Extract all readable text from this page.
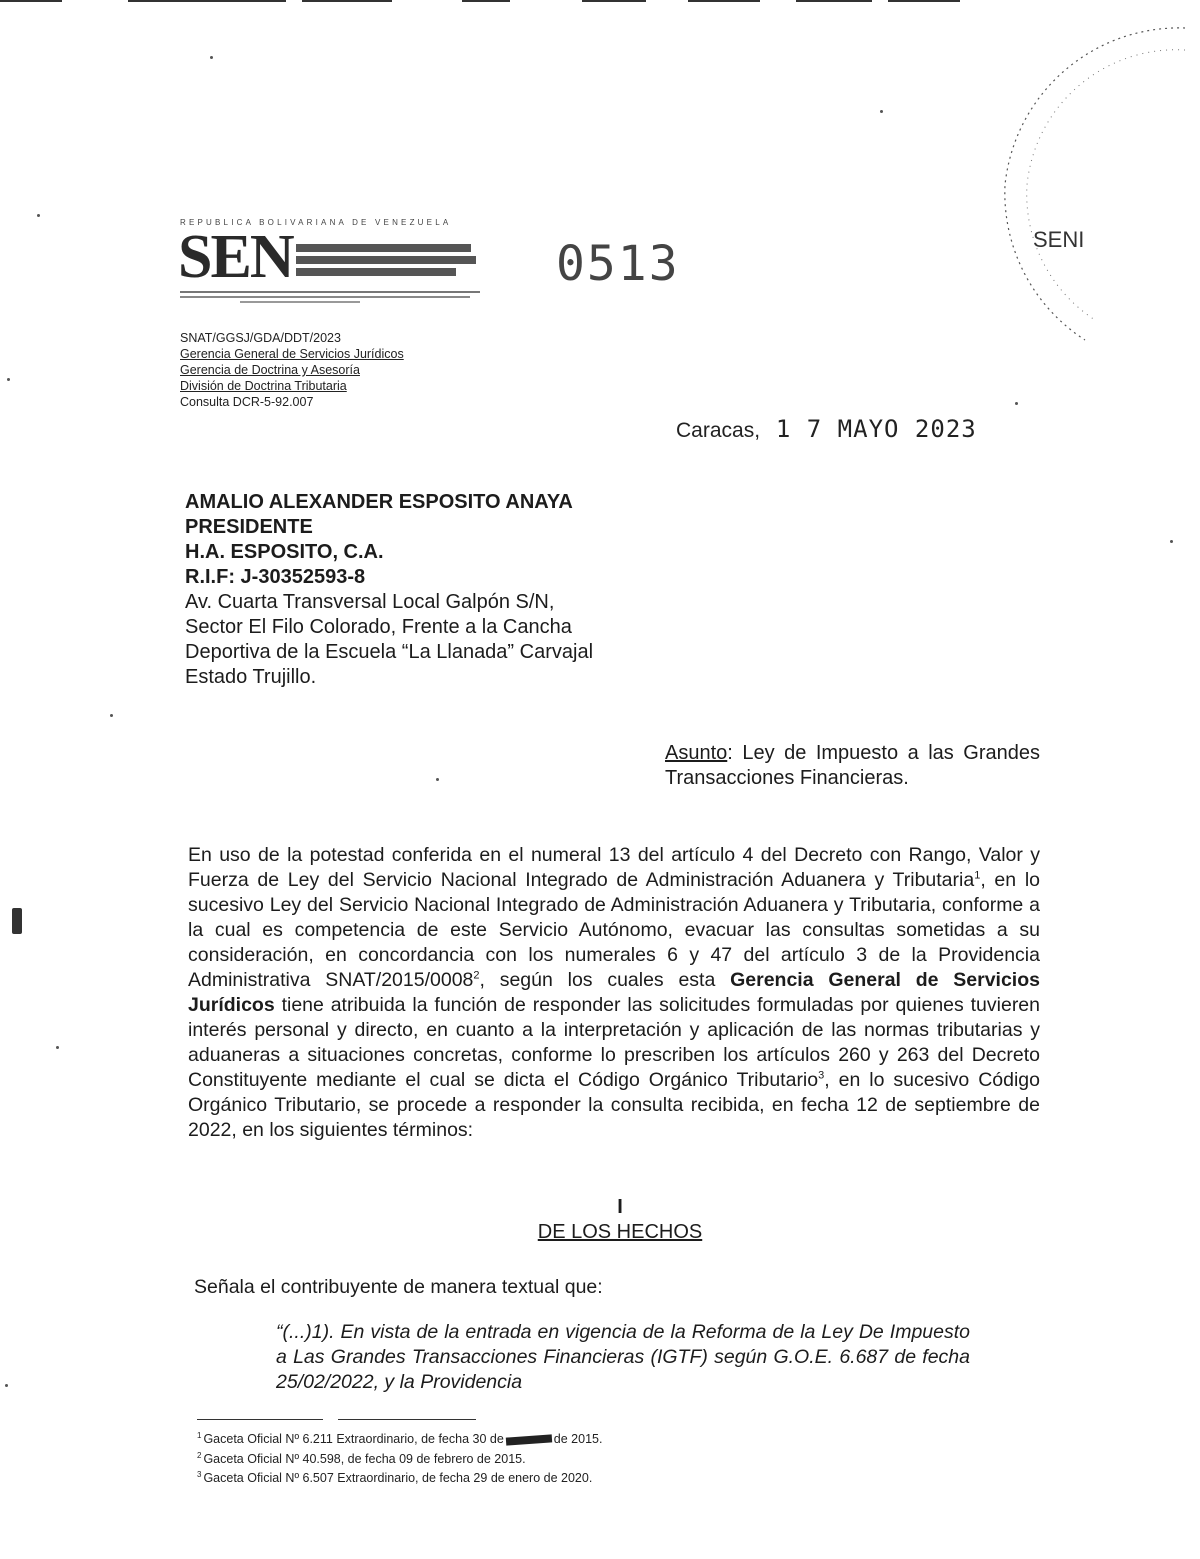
REPUBLICA BOLIVARIANA DE VENEZUELA
SEN	0513
SNAT/GGSJ/GDA/DDT/2023
Gerencia General de Servicios Jurídicos
Gerencia de Doctrina y Asesoría
División de Doctrina Tributaria
Consulta DCR-5-92.007
SENI
Caracas, 1 7 MAYO 2023
AMALIO ALEXANDER ESPOSITO ANAYA
PRESIDENTE
H.A. ESPOSITO, C.A.
R.I.F: J-30352593-8
Av. Cuarta Transversal Local Galpón S/N,
Sector El Filo Colorado, Frente a la Cancha
Deportiva de la Escuela “La Llanada” Carvajal
Estado Trujillo.
Asunto: Ley de Impuesto a las Grandes Transacciones Financieras.
En uso de la potestad conferida en el numeral 13 del artículo 4 del Decreto con Rango, Valor y Fuerza de Ley del Servicio Nacional Integrado de Administración Aduanera y Tributaria$^1$, en lo sucesivo Ley del Servicio Nacional Integrado de Administración Aduanera y Tributaria, conforme a la cual es competencia de este Servicio Autónomo, evacuar las consultas sometidas a su consideración, en concordancia con los numerales 6 y 47 del artículo 3 de la Providencia Administrativa SNAT/2015/0008$^2$, según los cuales esta Gerencia General de Servicios Jurídicos tiene atribuida la función de responder las solicitudes formuladas por quienes tuvieren interés personal y directo, en cuanto a la interpretación y aplicación de las normas tributarias y aduaneras a situaciones concretas, conforme lo prescriben los artículos 260 y 263 del Decreto Constituyente mediante el cual se dicta el Código Orgánico Tributario$^3$, en lo sucesivo Código Orgánico Tributario, se procede a responder la consulta recibida, en fecha 12 de septiembre de 2022, en los siguientes términos:
I
DE LOS HECHOS
Señala el contribuyente de manera textual que:
“(...)1). En vista de la entrada en vigencia de la Reforma de la Ley De Impuesto a Las Grandes Transacciones Financieras (IGTF) según G.O.E. 6.687 de fecha 25/02/2022, y la Providencia
$^1$ Gaceta Oficial Nº 6.211 Extraordinario, de fecha 30 de	de 2015.
$^2$ Gaceta Oficial Nº 40.598, de fecha 09 de febrero de 2015.
$^3$ Gaceta Oficial Nº 6.507 Extraordinario, de fecha 29 de enero de 2020.
